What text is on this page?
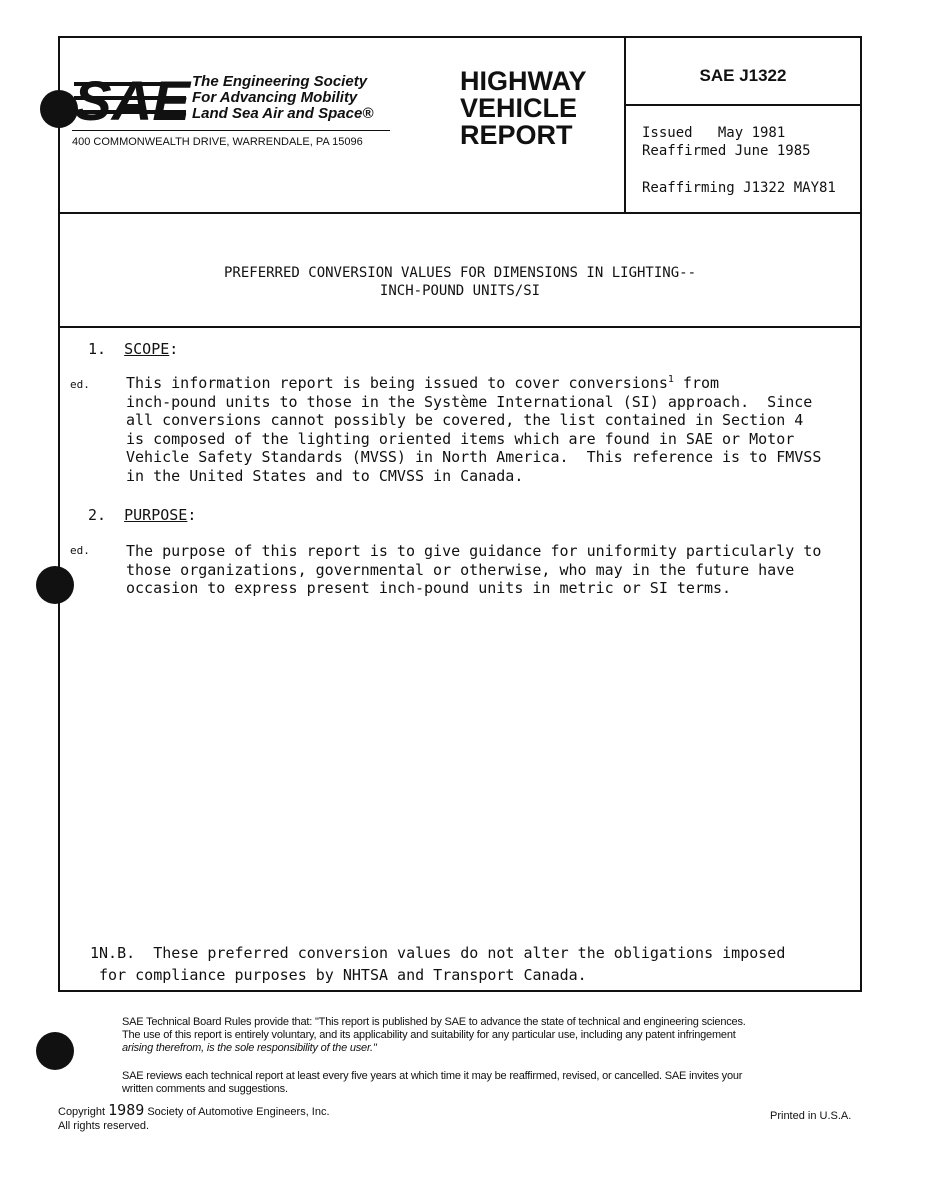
SAE The Engineering Society
For Advancing Mobility
Land Sea Air and Space®
400 COMMONWEALTH DRIVE, WARRENDALE, PA 15096
HIGHWAY
VEHICLE
REPORT
SAE J1322
Issued   May 1981
Reaffirmed June 1985
Reaffirming J1322 MAY81
PREFERRED CONVERSION VALUES FOR DIMENSIONS IN LIGHTING--
INCH-POUND UNITS/SI
1. SCOPE:
ed. This information report is being issued to cover conversions$^1$ from
inch-pound units to those in the Système International (SI) approach.  Since
all conversions cannot possibly be covered, the list contained in Section 4
is composed of the lighting oriented items which are found in SAE or Motor
Vehicle Safety Standards (MVSS) in North America.  This reference is to FMVSS
in the United States and to CMVSS in Canada.
2. PURPOSE:
ed. The purpose of this report is to give guidance for uniformity particularly to
those organizations, governmental or otherwise, who may in the future have
occasion to express present inch-pound units in metric or SI terms.
1N.B.  These preferred conversion values do not alter the obligations imposed
for compliance purposes by NHTSA and Transport Canada.
SAE Technical Board Rules provide that: "This report is published by SAE to advance the state of technical and engineering sciences.
The use of this report is entirely voluntary, and its applicability and suitability for any particular use, including any patent infringement
arising therefrom, is the sole responsibility of the user."
SAE reviews each technical report at least every five years at which time it may be reaffirmed, revised, or cancelled. SAE invites your
written comments and suggestions.
Copyright 1989 Society of Automotive Engineers, Inc.
All rights reserved.
Printed in U.S.A.
